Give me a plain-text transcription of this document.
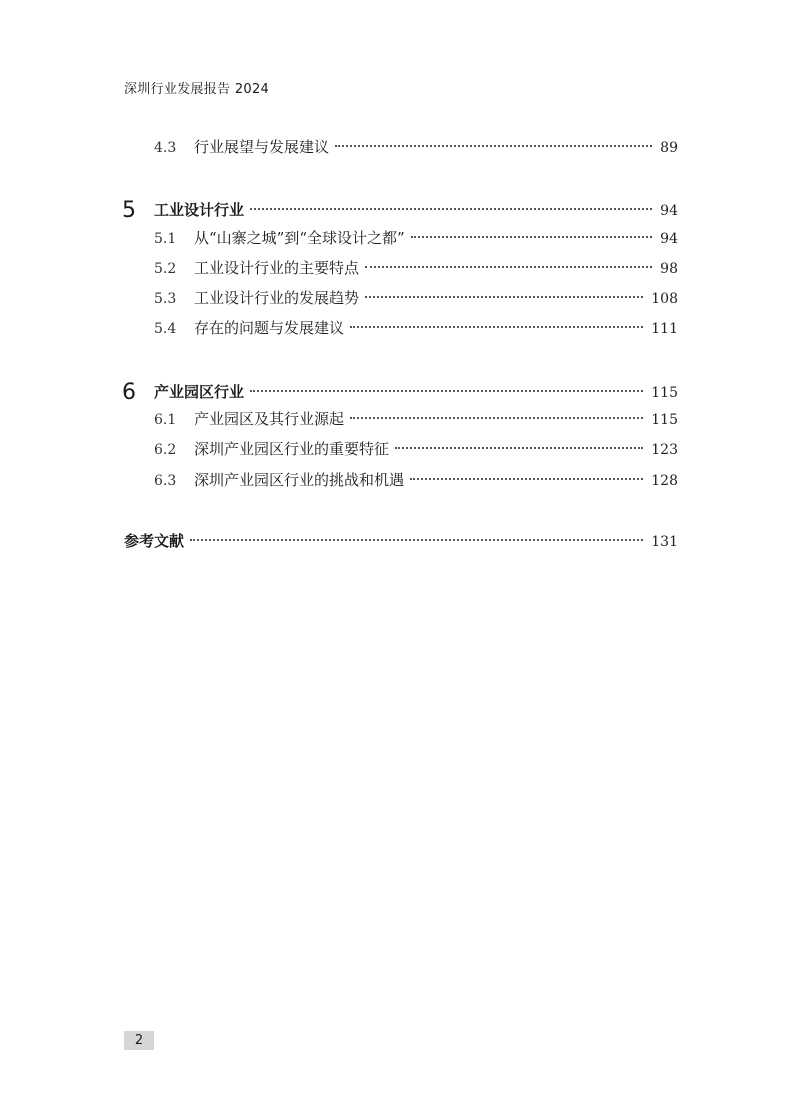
深圳行业发展报告 2024
4.3	行业展望与发展建议	89
5	工业设计行业	94
5.1	从“山寨之城”到“全球设计之都”	94
5.2	工业设计行业的主要特点	98
5.3	工业设计行业的发展趋势	108
5.4	存在的问题与发展建议	111
6	产业园区行业	115
6.1	产业园区及其行业源起	115
6.2	深圳产业园区行业的重要特征	123
6.3	深圳产业园区行业的挑战和机遇	128
参考文献	131
2
